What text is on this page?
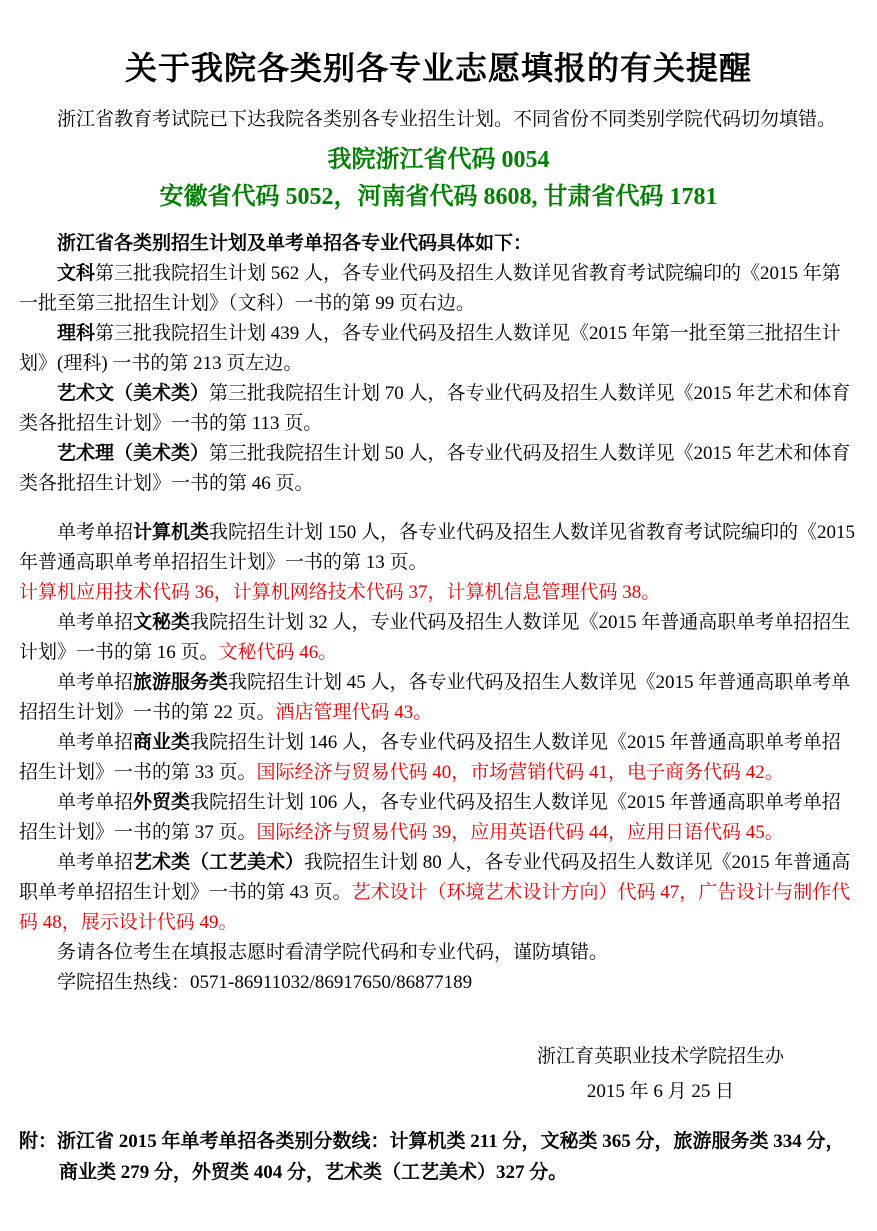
关于我院各类别各专业志愿填报的有关提醒

浙江省教育考试院已下达我院各类别各专业招生计划。不同省份不同类别学院代码切勿填错。

我院浙江省代码 0054
安徽省代码 5052，河南省代码 8608, 甘肃省代码 1781

浙江省各类别招生计划及单考单招各专业代码具体如下：

文科第三批我院招生计划 562 人，各专业代码及招生人数详见省教育考试院编印的《2015 年第一批至第三批招生计划》（文科）一书的第 99 页右边。

理科第三批我院招生计划 439 人，各专业代码及招生人数详见《2015 年第一批至第三批招生计划》(理科) 一书的第 213 页左边。

艺术文（美术类）第三批我院招生计划 70 人，各专业代码及招生人数详见《2015 年艺术和体育类各批招生计划》一书的第 113 页。

艺术理（美术类）第三批我院招生计划 50 人，各专业代码及招生人数详见《2015 年艺术和体育类各批招生计划》一书的第 46 页。

单考单招计算机类我院招生计划 150 人，各专业代码及招生人数详见省教育考试院编印的《2015 年普通高职单考单招招生计划》一书的第 13 页。

计算机应用技术代码 36，计算机网络技术代码 37，计算机信息管理代码 38。

单考单招文秘类我院招生计划 32 人，专业代码及招生人数详见《2015 年普通高职单考单招招生计划》一书的第 16 页。文秘代码 46。

单考单招旅游服务类我院招生计划 45 人，各专业代码及招生人数详见《2015 年普通高职单考单招招生计划》一书的第 22 页。酒店管理代码 43。

单考单招商业类我院招生计划 146 人，各专业代码及招生人数详见《2015 年普通高职单考单招招生计划》一书的第 33 页。国际经济与贸易代码 40，市场营销代码 41，电子商务代码 42。

单考单招外贸类我院招生计划 106 人，各专业代码及招生人数详见《2015 年普通高职单考单招招生计划》一书的第 37 页。国际经济与贸易代码 39，应用英语代码 44，应用日语代码 45。

单考单招艺术类（工艺美术）我院招生计划 80 人，各专业代码及招生人数详见《2015 年普通高职单考单招招生计划》一书的第 43 页。艺术设计（环境艺术设计方向）代码 47，广告设计与制作代码 48，展示设计代码 49。

务请各位考生在填报志愿时看清学院代码和专业代码，谨防填错。

学院招生热线：0571-86911032/86917650/86877189

浙江育英职业技术学院招生办
2015 年 6 月 25 日

附：浙江省 2015 年单考单招各类别分数线：计算机类 211 分，文秘类 365 分，旅游服务类 334 分，商业类 279 分，外贸类 404 分，艺术类（工艺美术）327 分。
